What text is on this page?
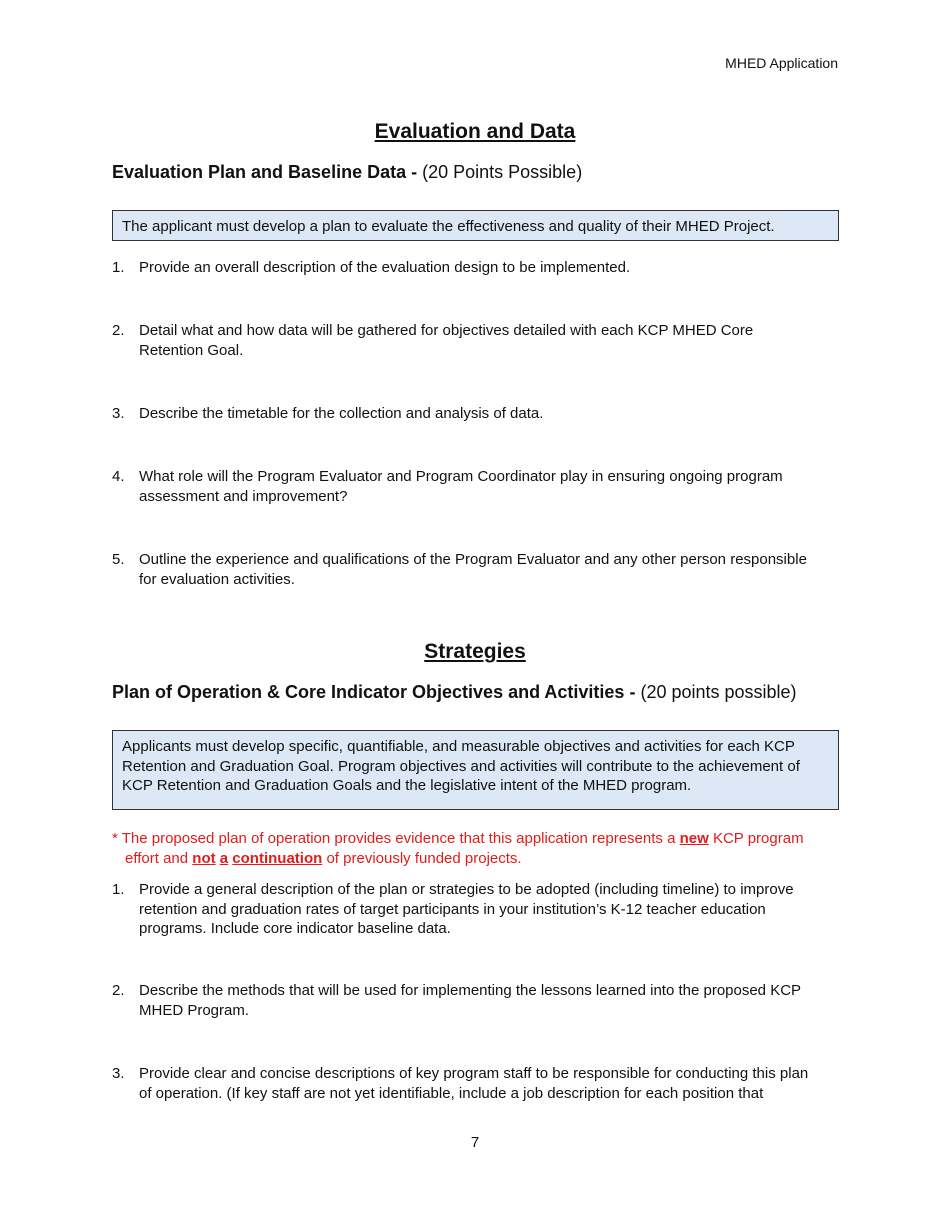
MHED Application
Evaluation and Data
Evaluation Plan and Baseline Data - (20 Points Possible)
The applicant must develop a plan to evaluate the effectiveness and quality of their MHED Project.
1. Provide an overall description of the evaluation design to be implemented.
2. Detail what and how data will be gathered for objectives detailed with each KCP MHED Core
Retention Goal.
3. Describe the timetable for the collection and analysis of data.
4. What role will the Program Evaluator and Program Coordinator play in ensuring ongoing program
assessment and improvement?
5. Outline the experience and qualifications of the Program Evaluator and any other person responsible
for evaluation activities.
Strategies
Plan of Operation & Core Indicator Objectives and Activities - (20 points possible)
Applicants must develop specific, quantifiable, and measurable objectives and activities for each KCP
Retention and Graduation Goal. Program objectives and activities will contribute to the achievement of
KCP Retention and Graduation Goals and the legislative intent of the MHED program.
* The proposed plan of operation provides evidence that this application represents a new KCP program
effort and not a continuation of previously funded projects.
1. Provide a general description of the plan or strategies to be adopted (including timeline) to improve
retention and graduation rates of target participants in your institution’s K-12 teacher education
programs. Include core indicator baseline data.
2. Describe the methods that will be used for implementing the lessons learned into the proposed KCP
MHED Program.
3. Provide clear and concise descriptions of key program staff to be responsible for conducting this plan
of operation. (If key staff are not yet identifiable, include a job description for each position that
7
